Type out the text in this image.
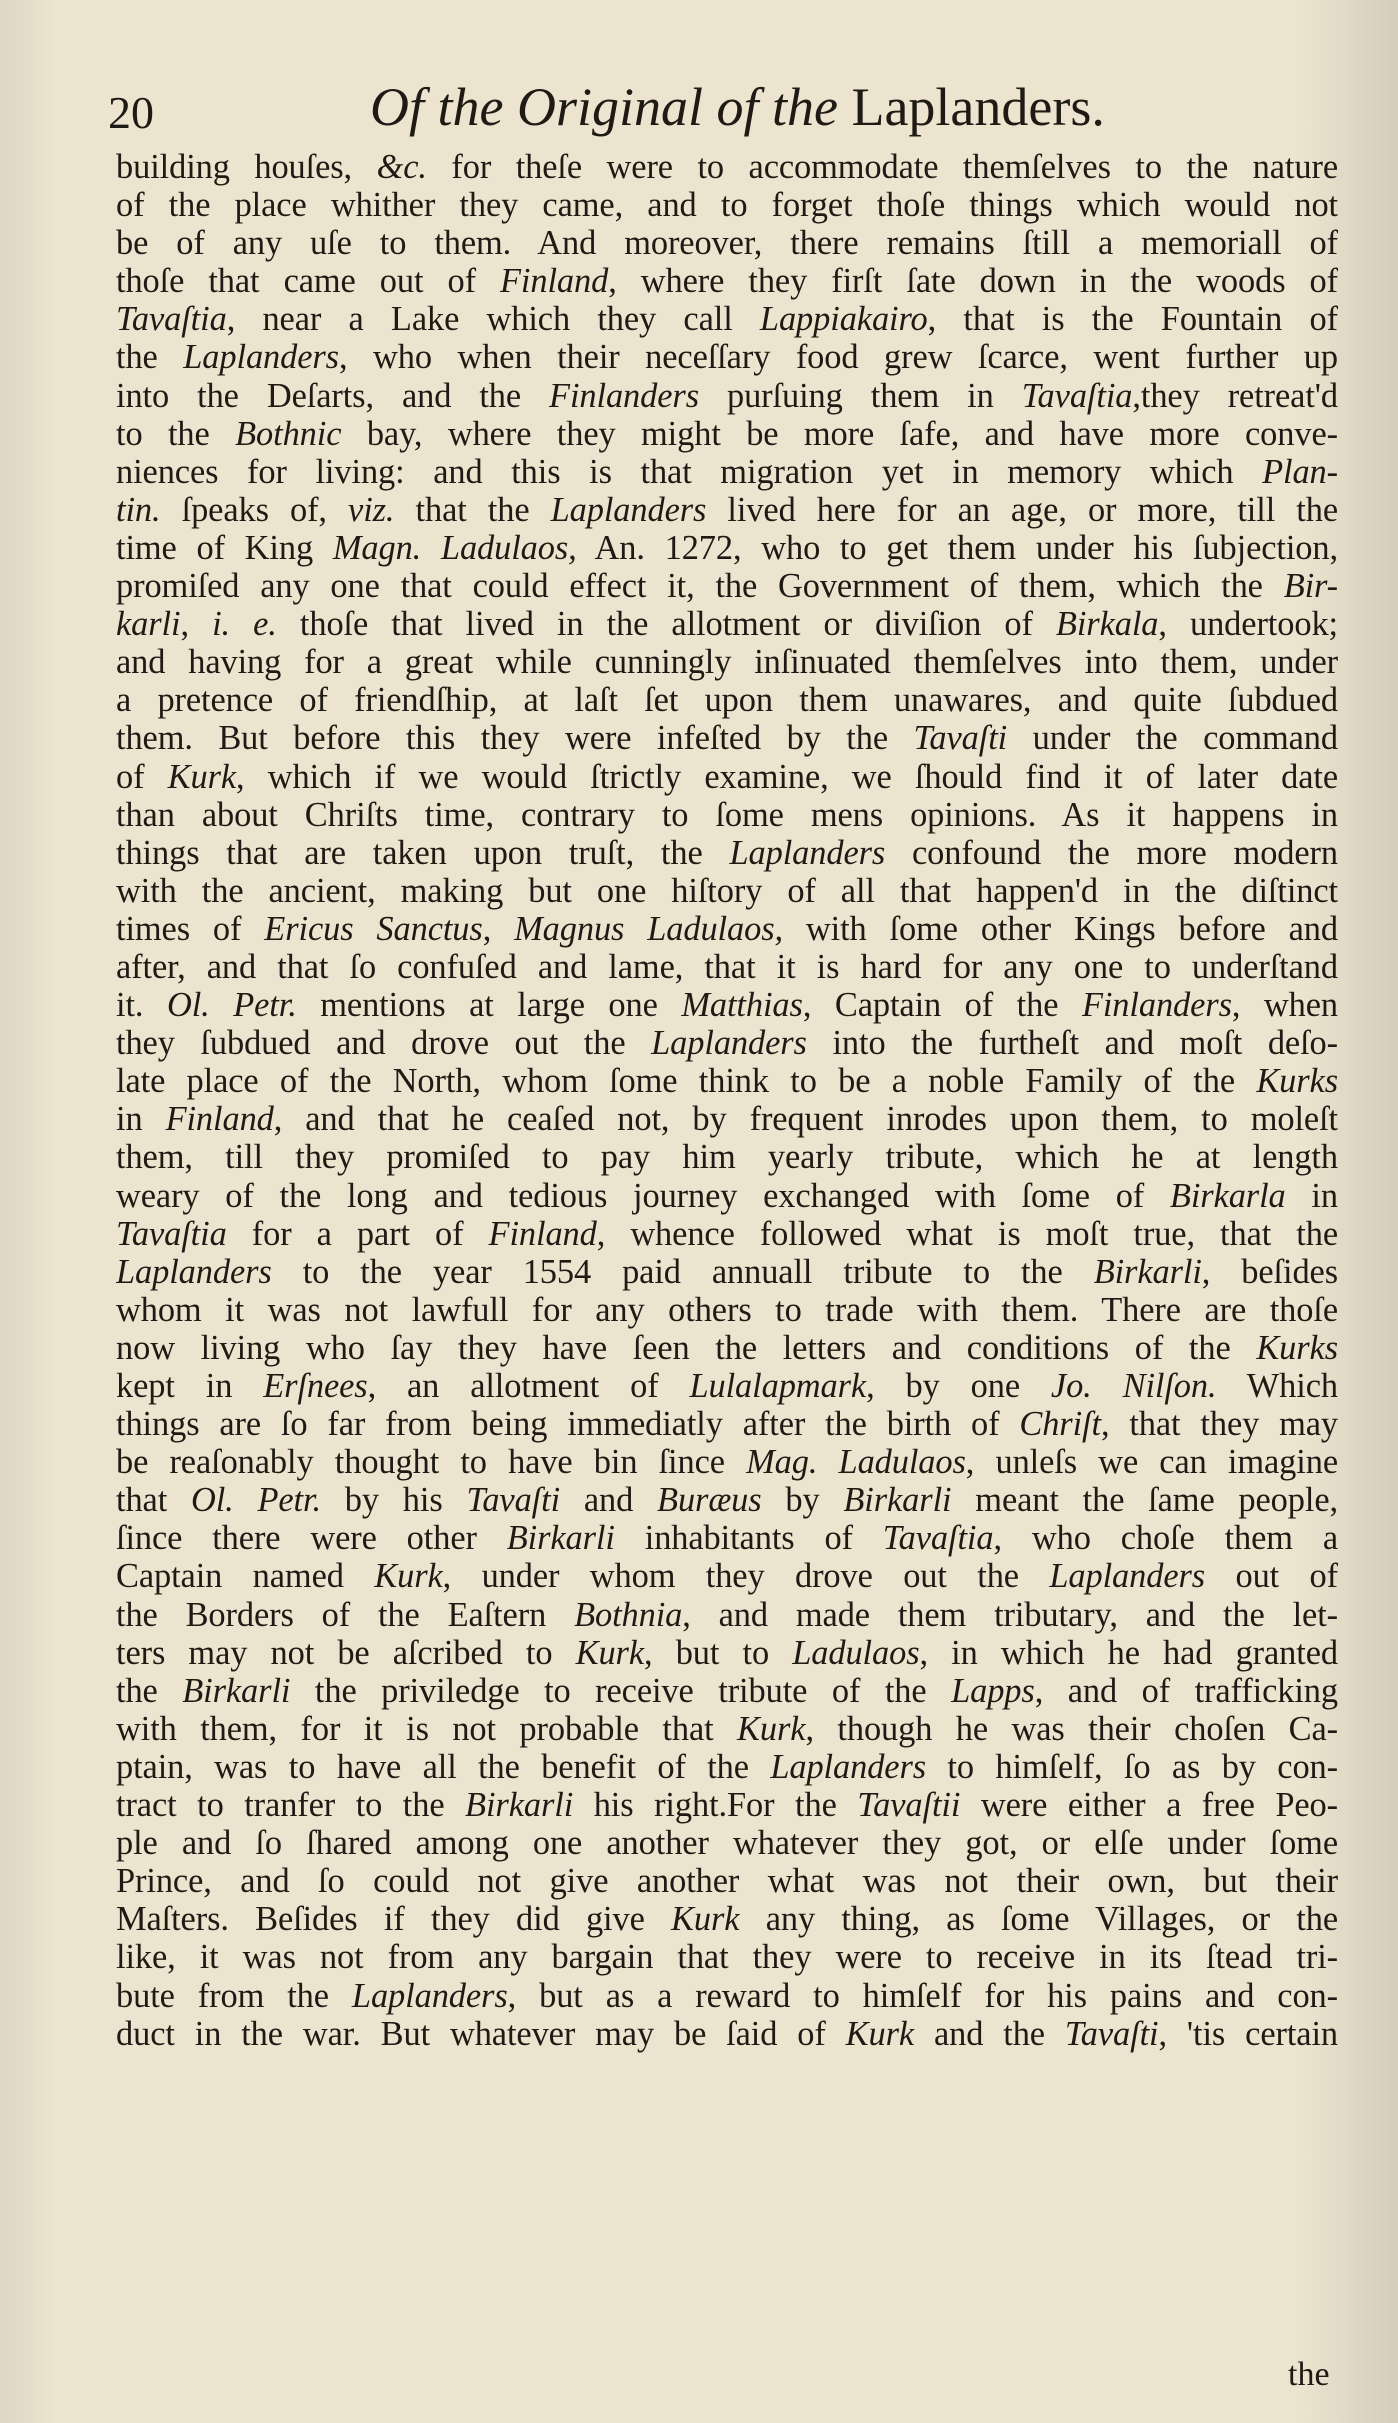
20	Of the Original of the Laplanders.
building houſes, &c. for theſe were to accommodate themſelves to the nature
of the place whither they came, and to forget thoſe things which would not
be of any uſe to them. And moreover, there remains ſtill a memoriall of
thoſe that came out of Finland, where they firſt ſate down in the woods of
Tavaſtia, near a Lake which they call Lappiakairo, that is the Fountain of
the Laplanders, who when their neceſſary food grew ſcarce, went further up
into the Deſarts, and the Finlanders purſuing them in Tavaſtia,they retreat'd
to the Bothnic bay, where they might be more ſafe, and have more conve-
niences for living: and this is that migration yet in memory which Plan-
tin. ſpeaks of, viz. that the Laplanders lived here for an age, or more, till the
time of King Magn. Ladulaos, An. 1272, who to get them under his ſubjection,
promiſed any one that could effect it, the Government of them, which the Bir-
karli, i. e. thoſe that lived in the allotment or diviſion of Birkala, undertook;
and having for a great while cunningly inſinuated themſelves into them, under
a pretence of friendſhip, at laſt ſet upon them unawares, and quite ſubdued
them. But before this they were infeſted by the Tavaſti under the command
of Kurk, which if we would ſtrictly examine, we ſhould find it of later date
than about Chriſts time, contrary to ſome mens opinions. As it happens in
things that are taken upon truſt, the Laplanders confound the more modern
with the ancient, making but one hiſtory of all that happen'd in the diſtinct
times of Ericus Sanctus, Magnus Ladulaos, with ſome other Kings before and
after, and that ſo confuſed and lame, that it is hard for any one to underſtand
it. Ol. Petr. mentions at large one Matthias, Captain of the Finlanders, when
they ſubdued and drove out the Laplanders into the furtheſt and moſt deſo-
late place of the North, whom ſome think to be a noble Family of the Kurks
in Finland, and that he ceaſed not, by frequent inrodes upon them, to moleſt
them, till they promiſed to pay him yearly tribute, which he at length
weary of the long and tedious journey exchanged with ſome of Birkarla in
Tavaſtia for a part of Finland, whence followed what is moſt true, that the
Laplanders to the year 1554 paid annuall tribute to the Birkarli, beſides
whom it was not lawfull for any others to trade with them. There are thoſe
now living who ſay they have ſeen the letters and conditions of the Kurks
kept in Erſnees, an allotment of Lulalapmark, by one Jo. Nilſon. Which
things are ſo far from being immediatly after the birth of Chriſt, that they may
be reaſonably thought to have bin ſince Mag. Ladulaos, unleſs we can imagine
that Ol. Petr. by his Tavaſti and Buræus by Birkarli meant the ſame people,
ſince there were other Birkarli inhabitants of Tavaſtia, who choſe them a
Captain named Kurk, under whom they drove out the Laplanders out of
the Borders of the Eaſtern Bothnia, and made them tributary, and the let-
ters may not be aſcribed to Kurk, but to Ladulaos, in which he had granted
the Birkarli the priviledge to receive tribute of the Lapps, and of trafficking
with them, for it is not probable that Kurk, though he was their choſen Ca-
ptain, was to have all the benefit of the Laplanders to himſelf, ſo as by con-
tract to tranfer to the Birkarli his right.For the Tavaſtii were either a free Peo-
ple and ſo ſhared among one another whatever they got, or elſe under ſome
Prince, and ſo could not give another what was not their own, but their
Maſters. Beſides if they did give Kurk any thing, as ſome Villages, or the
like, it was not from any bargain that they were to receive in its ſtead tri-
bute from the Laplanders, but as a reward to himſelf for his pains and con-
duct in the war. But whatever may be ſaid of Kurk and the Tavaſti, 'tis certain
the
